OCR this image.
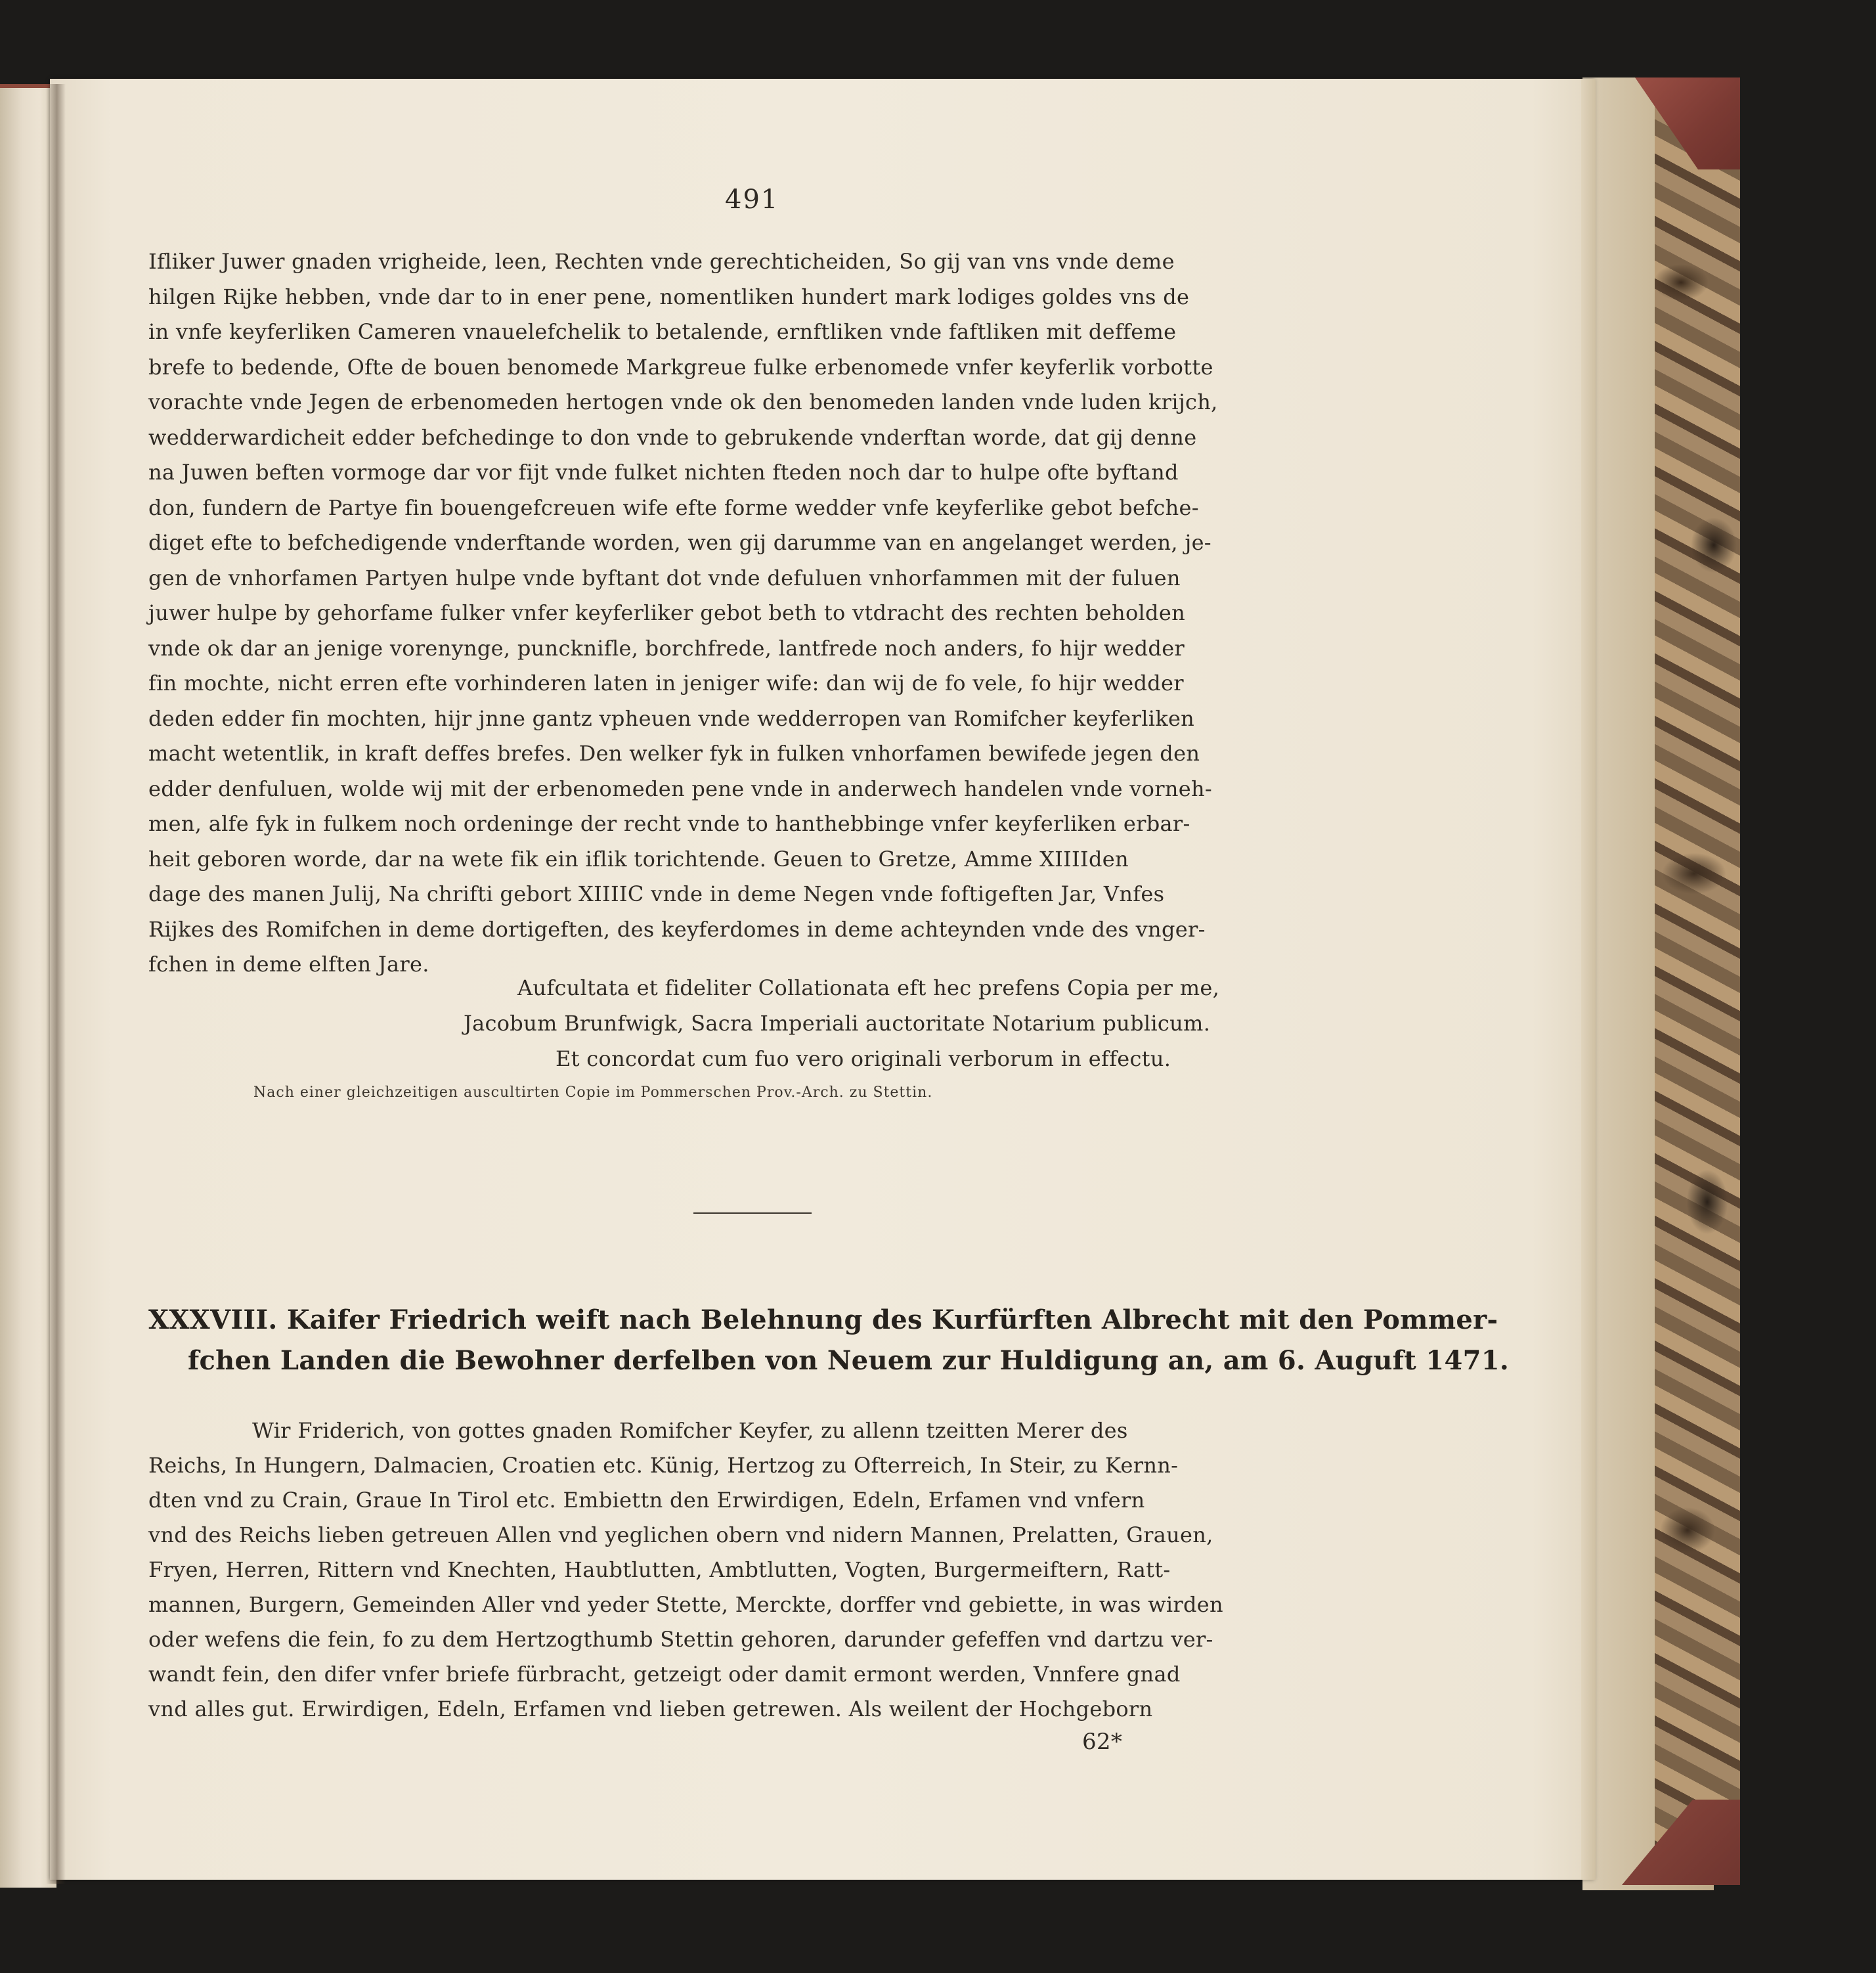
491
Ifliker Juwer gnaden vrigheide, leen, Rechten vnde gerechticheiden, So gij van vns vnde deme
hilgen Rijke hebben, vnde dar to in ener pene, nomentliken hundert mark lodiges goldes vns de
in vnfe keyferliken Cameren vnauelefchelik to betalende, ernftliken vnde faftliken mit deffeme
brefe to bedende, Ofte de bouen benomede Markgreue fulke erbenomede vnfer keyferlik vorbotte
vorachte vnde Jegen de erbenomeden hertogen vnde ok den benomeden landen vnde luden krijch,
wedderwardicheit edder befchedinge to don vnde to gebrukende vnderftan worde, dat gij denne
na Juwen beften vormoge dar vor fijt vnde fulket nichten fteden noch dar to hulpe ofte byftand
don, fundern de Partye fin bouengefcreuen wife efte forme wedder vnfe keyferlike gebot befche-
diget efte to befchedigende vnderftande worden, wen gij darumme van en angelanget werden, je-
gen de vnhorfamen Partyen hulpe vnde byftant dot vnde defuluen vnhorfammen mit der fuluen
juwer hulpe by gehorfame fulker vnfer keyferliker gebot beth to vtdracht des rechten beholden
vnde ok dar an jenige vorenynge, puncknifle, borchfrede, lantfrede noch anders, fo hijr wedder
fin mochte, nicht erren efte vorhinderen laten in jeniger wife: dan wij de fo vele, fo hijr wedder
deden edder fin mochten, hijr jnne gantz vpheuen vnde wedderropen van Romifcher keyferliken
macht wetentlik, in kraft deffes brefes. Den welker fyk in fulken vnhorfamen bewifede jegen den
edder denfuluen, wolde wij mit der erbenomeden pene vnde in anderwech handelen vnde vorneh-
men, alfe fyk in fulkem noch ordeninge der recht vnde to hanthebbinge vnfer keyferliken erbar-
heit geboren worde, dar na wete fik ein iflik torichtende. Geuen to Gretze, Amme XIIIIden
dage des manen Julij, Na chrifti gebort XIIIIC vnde in deme Negen vnde foftigeften Jar, Vnfes
Rijkes des Romifchen in deme dortigeften, des keyferdomes in deme achteynden vnde des vnger-
fchen in deme elften Jare.
Aufcultata et fideliter Collationata eft hec prefens Copia per me,
Jacobum Brunfwigk, Sacra Imperiali auctoritate Notarium publicum.
Et concordat cum fuo vero originali verborum in effectu.
Nach einer gleichzeitigen auscultirten Copie im Pommerschen Prov.-Arch. zu Stettin.
XXXVIII. Kaifer Friedrich weift nach Belehnung des Kurfürften Albrecht mit den Pommer-
fchen Landen die Bewohner derfelben von Neuem zur Huldigung an, am 6. Auguft 1471.
Wir Friderich, von gottes gnaden Romifcher Keyfer, zu allenn tzeitten Merer des
Reichs, In Hungern, Dalmacien, Croatien etc. Künig, Hertzog zu Ofterreich, In Steir, zu Kernn-
dten vnd zu Crain, Graue In Tirol etc. Embiettn den Erwirdigen, Edeln, Erfamen vnd vnfern
vnd des Reichs lieben getreuen Allen vnd yeglichen obern vnd nidern Mannen, Prelatten, Grauen,
Fryen, Herren, Rittern vnd Knechten, Haubtlutten, Ambtlutten, Vogten, Burgermeiftern, Ratt-
mannen, Burgern, Gemeinden Aller vnd yeder Stette, Merckte, dorffer vnd gebiette, in was wirden
oder wefens die fein, fo zu dem Hertzogthumb Stettin gehoren, darunder gefeffen vnd dartzu ver-
wandt fein, den difer vnfer briefe fürbracht, getzeigt oder damit ermont werden, Vnnfere gnad
vnd alles gut. Erwirdigen, Edeln, Erfamen vnd lieben getrewen. Als weilent der Hochgeborn
62*
